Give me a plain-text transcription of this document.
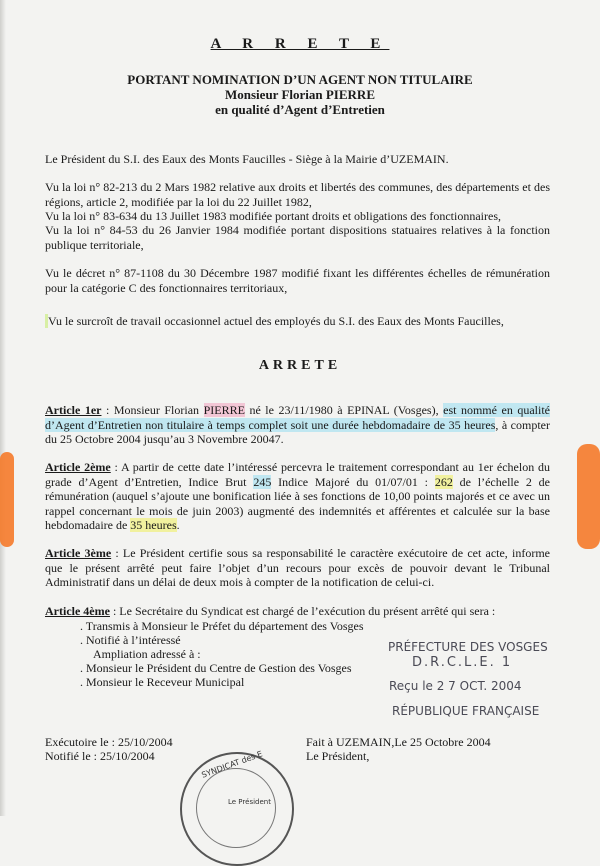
A R R E T E
PORTANT NOMINATION D’UN AGENT NON TITULAIRE
Monsieur Florian PIERRE
en qualité d’Agent d’Entretien
Le Président du S.I. des Eaux des Monts Faucilles - Siège à la Mairie d’UZEMAIN.
Vu la loi n° 82-213 du 2 Mars 1982 relative aux droits et libertés des communes, des départements et des régions, article 2, modifiée par la loi du 22 Juillet 1982,
Vu la loi n° 83-634 du 13 Juillet 1983 modifiée portant droits et obligations des fonctionnaires,
Vu la loi n° 84-53 du 26 Janvier 1984 modifiée portant dispositions statuaires relatives à la fonction publique territoriale,
Vu le décret n° 87-1108 du 30 Décembre 1987 modifié fixant les différentes échelles de rémunération pour la catégorie C des fonctionnaires territoriaux,
Vu le surcroît de travail occasionnel actuel des employés du S.I. des Eaux des Monts Faucilles,
ARRETE
Article 1er : Monsieur Florian PIERRE né le 23/11/1980 à EPINAL (Vosges), est nommé en qualité d’Agent d’Entretien non titulaire à temps complet soit une durée hebdomadaire de 35 heures, à compter du 25 Octobre 2004 jusqu’au 3 Novembre 20047.
Article 2ème : A partir de cette date l’intéressé percevra le traitement correspondant au 1er échelon du grade d’Agent d’Entretien, Indice Brut 245 Indice Majoré du 01/07/01 : 262 de l’échelle 2 de rémunération (auquel s’ajoute une bonification liée à ses fonctions de 10,00 points majorés et ce avec un rappel concernant le mois de juin 2003) augmenté des indemnités et afférentes et calculée sur la base hebdomadaire de 35 heures.
Article 3ème : Le Président certifie sous sa responsabilité le caractère exécutoire de cet acte, informe que le présent arrêté peut faire l’objet d’un recours pour excès de pouvoir devant le Tribunal Administratif dans un délai de deux mois à compter de la notification de celui-ci.
Article 4ème : Le Secrétaire du Syndicat est chargé de l’exécution du présent arrêté qui sera :
. Transmis à Monsieur le Préfet du département des Vosges
. Notifié à l’intéressé
Ampliation adressé à :
. Monsieur le Président du Centre de Gestion des Vosges
. Monsieur le Receveur Municipal
PRÉFECTURE DES VOSGES
D.R.C.L.E. 1
Reçu le 2 7 OCT. 2004
RÉPUBLIQUE FRANÇAISE
Exécutoire le : 25/10/2004
Notifié le : 25/10/2004
Fait à UZEMAIN,Le 25 Octobre 2004
Le Président,
SYNDICAT des E
Le Président
